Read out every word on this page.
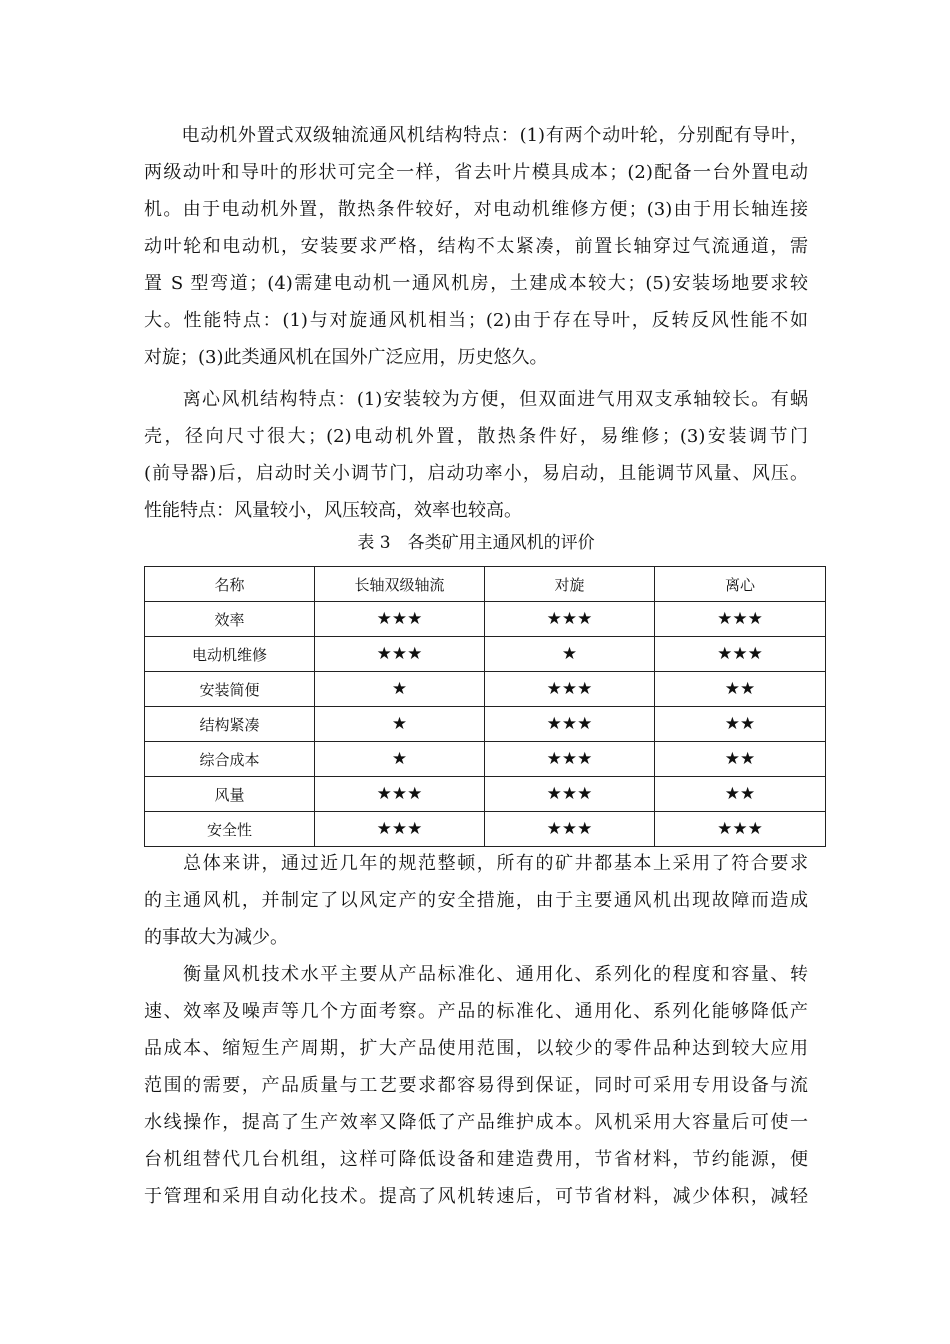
　　电动机外置式双级轴流通风机结构特点：(1)有两个动叶轮，分别配有导叶，
两级动叶和导叶的形状可完全一样，省去叶片模具成本；(2)配备一台外置电动
机。由于电动机外置，散热条件较好，对电动机维修方便；(3)由于用长轴连接
动叶轮和电动机，安装要求严格，结构不太紧凑，前置长轴穿过气流通道，需
置 S 型弯道；(4)需建电动机一通风机房，土建成本较大；(5)安装场地要求较
大。性能特点：(1)与对旋通风机相当；(2)由于存在导叶，反转反风性能不如
对旋；(3)此类通风机在国外广泛应用，历史悠久。
　　离心风机结构特点：(1)安装较为方便，但双面进气用双支承轴较长。有蜗
壳，径向尺寸很大；(2)电动机外置，散热条件好，易维修；(3)安装调节门
(前导器)后，启动时关小调节门，启动功率小，易启动，且能调节风量、风压。
性能特点：风量较小，风压较高，效率也较高。
表 3　各类矿用主通风机的评价
名称	长轴双级轴流	对旋	离心
效率	★★★	★★★	★★★
电动机维修	★★★	★	★★★
安装简便	★	★★★	★★
结构紧凑	★	★★★	★★
综合成本	★	★★★	★★
风量	★★★	★★★	★★
安全性	★★★	★★★	★★★
　　总体来讲，通过近几年的规范整顿，所有的矿井都基本上采用了符合要求
的主通风机，并制定了以风定产的安全措施，由于主要通风机出现故障而造成
的事故大为减少。
　　衡量风机技术水平主要从产品标准化、通用化、系列化的程度和容量、转
速、效率及噪声等几个方面考察。产品的标准化、通用化、系列化能够降低产
品成本、缩短生产周期，扩大产品使用范围，以较少的零件品种达到较大应用
范围的需要，产品质量与工艺要求都容易得到保证，同时可采用专用设备与流
水线操作，提高了生产效率又降低了产品维护成本。风机采用大容量后可使一
台机组替代几台机组，这样可降低设备和建造费用，节省材料，节约能源，便
于管理和采用自动化技术。提高了风机转速后，可节省材料，减少体积，减轻
